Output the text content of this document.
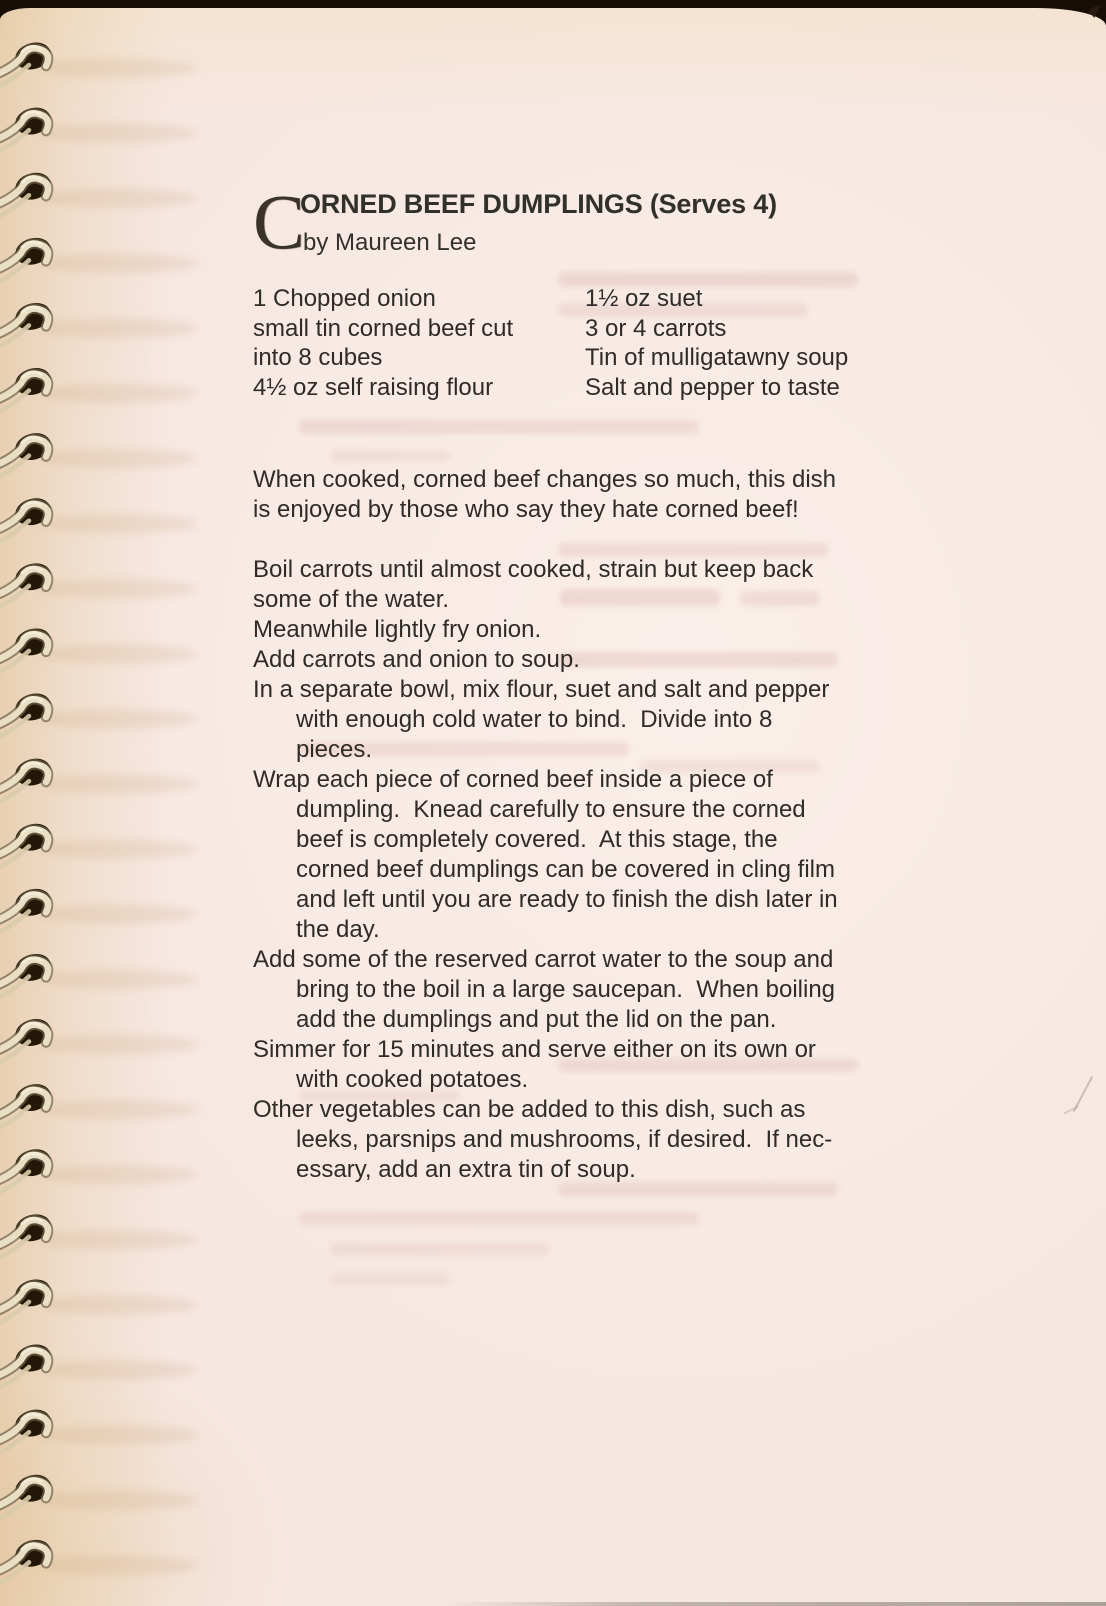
C
ORNED BEEF DUMPLINGS (Serves 4)
by Maureen Lee
1 Chopped onion
small tin corned beef cut
into 8 cubes
4½ oz self raising flour
1½ oz suet
3 or 4 carrots
Tin of mulligatawny soup
Salt and pepper to taste
When cooked, corned beef changes so much, this dish
is enjoyed by those who say they hate corned beef!
Boil carrots until almost cooked, strain but keep back
some of the water.
Meanwhile lightly fry onion.
Add carrots and onion to soup.
In a separate bowl, mix flour, suet and salt and pepper
with enough cold water to bind.  Divide into 8
pieces.
Wrap each piece of corned beef inside a piece of
dumpling.  Knead carefully to ensure the corned
beef is completely covered.  At this stage, the
corned beef dumplings can be covered in cling film
and left until you are ready to finish the dish later in
the day.
Add some of the reserved carrot water to the soup and
bring to the boil in a large saucepan.  When boiling
add the dumplings and put the lid on the pan.
Simmer for 15 minutes and serve either on its own or
with cooked potatoes.
Other vegetables can be added to this dish, such as
leeks, parsnips and mushrooms, if desired.  If nec-
essary, add an extra tin of soup.
